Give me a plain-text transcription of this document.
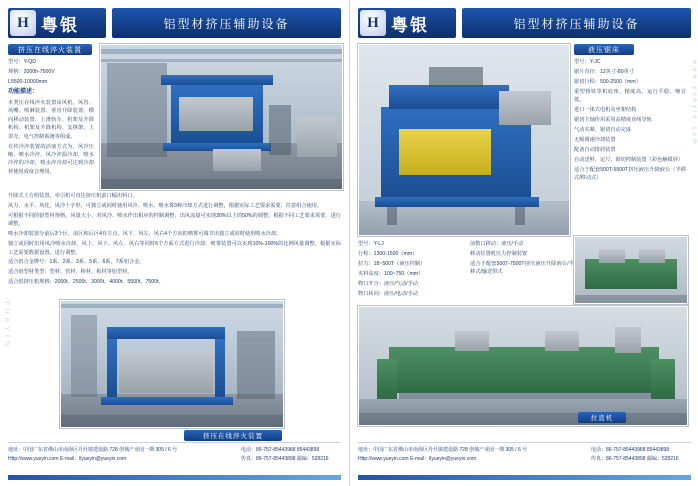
H 粤银	铝型材挤压辅助设备
挤压在线淬火装置

型号：Y-QD

规格：2000h-7500V

L5500-10000mm

功能描述：

本类压在线淬火装置由风机、风管、风嘴、喷淋装置、垂直升降装置、横向移动装置、上滑轨车、机架及升降机构、机架及升降机构、支撑架、上罩壳、电气控制系统等组成。

在传冷淬装置的活塞方式为，风冷压缩、喷水冷淬。风冷淬温冷却，喷水冷淬的冷却，喷水淬冷却可达到冷却材使用成度合理用。

升降式上方组装置，牵引机可直达挤压机前口幅出料口。

风力、水平、风化、风冷十字形，可独立或同时使用风冷、喷水、喷水雾3种冷却方式进行调整，根据实际工艺要求需要、任意组合使用。

可根据不同的铝型材规格，风量大小，对风冷、喷水作出相应的控制调整，出风流量可实现30%以上的50%的调整。根据不同工艺要求需要，进行调整。

喷水冷却装置分前后3个区，前区和后区4有方点、风下、风左、风右4个方向的喷雾可调节出独立或同时使用喷水冷却。

独立或同时出用风冷喷水冷却，风上、风下、风左、风右等同时6个方面方式进行冷却，喷雾装置可以实现10%-100%的比例风量调整，根据实际工艺需要数据设置，进行调整。

适合铝合金牌号：1系、2系、3系、5系、6系、7系铝合金。

适合铝型材类型：型材、管材、棒材、板材等铝型材。

适合铝挤压机规格：2000t、2500t、3000t、4000t、5500t、7500t。

挤压在线淬火装置
YUEYIN
地址：中国广东省佛山市南海区丹灶镇建设路 728 创城产业园一期 305 / 6 号
Http://www.yueyin.com E-mail：llyueyin@yueyin.com
电话：86-757-85443988 85443898
传真：86-757-85443898 邮编：528216
H 粤银	铝型材挤压辅助设备
液压锯床

型号：Y-JC

锯片直径：12英寸-80英寸

锯切行程：500-2500（mm）

重型铸铁等机底座、精度高、运行平稳、噪音低。

进口一体式电机及坐架结构

锯切主轴传用采用高精度直线导轨

气动夹紧、锯切自动完成

无级调速冷却装置

配备自动排屑装置

自动送料、定尺、锯切控制装置（彩色触摸屏）

适合于配套500T-5500T挤压液压升降液台（半移式/移动式）

型号：Y-LJ

行程：1300-1500（mm）

拉力：18~500T（液压控制）

夹料高度：100~750（mm）

物口开合：液压/气动/手动

物口转向：液压/电动/手动

前数口移动：液压/手动

移动位置机压力控制装置

适合于配套500T-7500T挤压液压升降液台/半移式/输送带式

拉直机
www.yueyin.com
地址：中国广东省佛山市南海区丹灶镇建设路 728 创城产业园一期 305 / 6 号
Http://www.yueyin.com E-mail：llyueyin@yueyin.com
电话：86-757-85443988 85443898
传真：86-757-85443898 邮编：528216
